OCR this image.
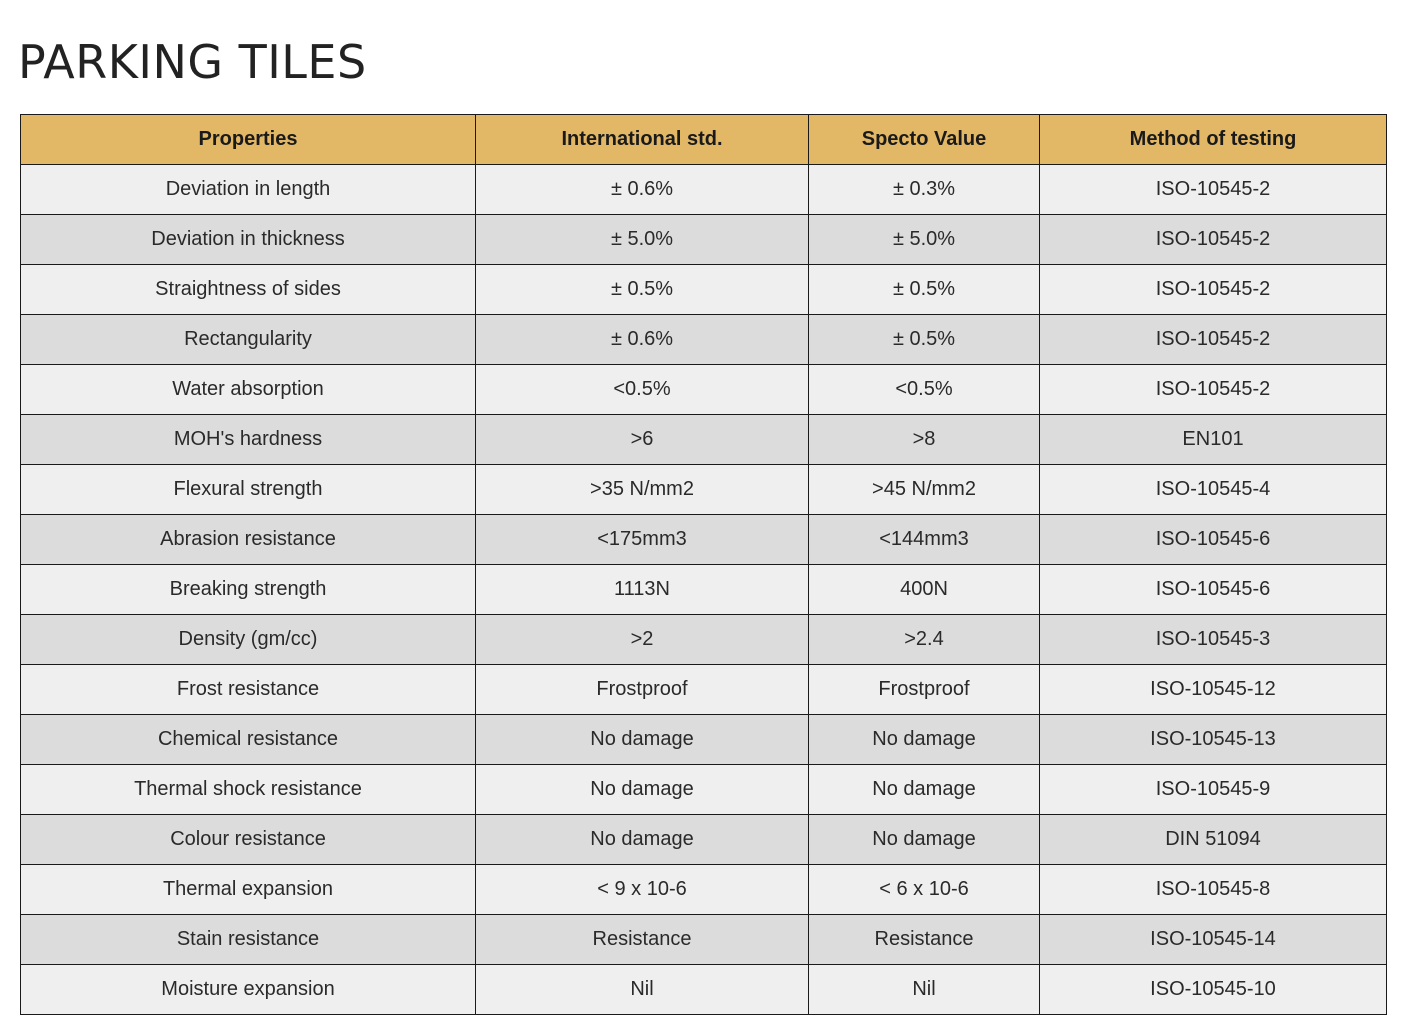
PARKING TILES
Properties	International std.	Specto Value	Method of testing
Deviation in length	± 0.6%	± 0.3%	ISO-10545-2
Deviation in thickness	± 5.0%	± 5.0%	ISO-10545-2
Straightness of sides	± 0.5%	± 0.5%	ISO-10545-2
Rectangularity	± 0.6%	± 0.5%	ISO-10545-2
Water absorption	<0.5%	<0.5%	ISO-10545-2
MOH's hardness	>6	>8	EN101
Flexural strength	>35 N/mm2	>45 N/mm2	ISO-10545-4
Abrasion resistance	<175mm3	<144mm3	ISO-10545-6
Breaking strength	1113N	400N	ISO-10545-6
Density (gm/cc)	>2	>2.4	ISO-10545-3
Frost resistance	Frostproof	Frostproof	ISO-10545-12
Chemical resistance	No damage	No damage	ISO-10545-13
Thermal shock resistance	No damage	No damage	ISO-10545-9
Colour resistance	No damage	No damage	DIN 51094
Thermal expansion	< 9 x 10-6	< 6 x 10-6	ISO-10545-8
Stain resistance	Resistance	Resistance	ISO-10545-14
Moisture expansion	Nil	Nil	ISO-10545-10
